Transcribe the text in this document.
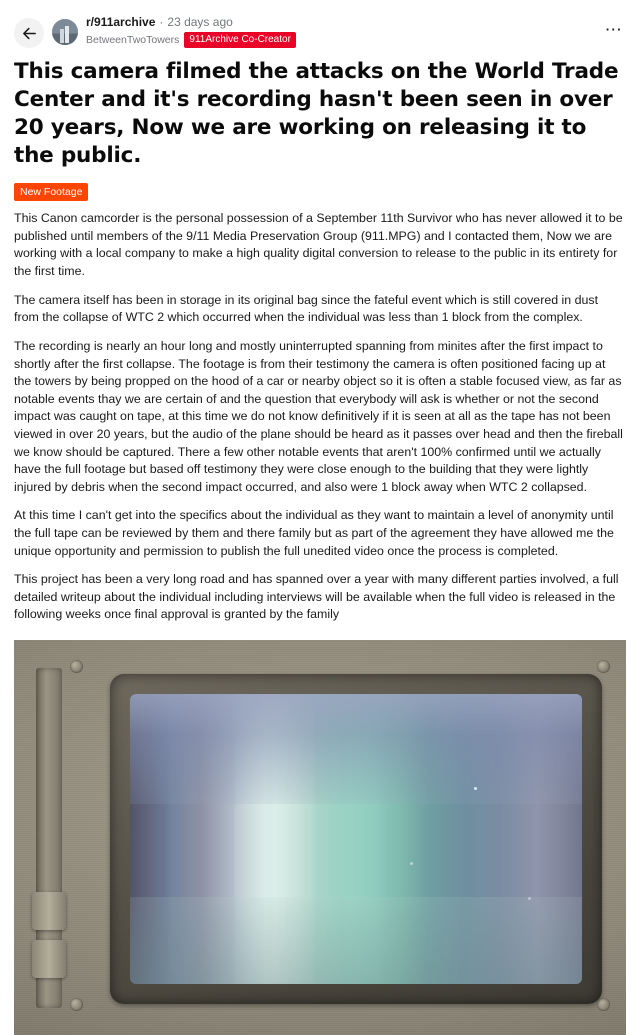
r/911archive · 23 days ago
BetweenTwoTowers	911Archive Co-Creator
⋯
This camera filmed the attacks on the World Trade Center and it's recording hasn't been seen in over 20 years, Now we are working on releasing it to the public.
New Footage

This Canon camcorder is the personal possession of a September 11th Survivor who has never allowed it to be published until members of the 9/11 Media Preservation Group (911.MPG) and I contacted them, Now we are working with a local company to make a high quality digital conversion to release to the public in its entirety for the first time.

The camera itself has been in storage in its original bag since the fateful event which is still covered in dust from the collapse of WTC 2 which occurred when the individual was less than 1 block from the complex.

The recording is nearly an hour long and mostly uninterrupted spanning from minites after the first impact to shortly after the first collapse. The footage is from their testimony the camera is often positioned facing up at the towers by being propped on the hood of a car or nearby object so it is often a stable focused view, as far as notable events thay we are certain of and the question that everybody will ask is whether or not the second impact was caught on tape, at this time we do not know definitively if it is seen at all as the tape has not been viewed in over 20 years, but the audio of the plane should be heard as it passes over head and then the fireball we know should be captured. There a few other notable events that aren't 100% confirmed until we actually have the full footage but based off testimony they were close enough to the building that they were lightly injured by debris when the second impact occurred, and also were 1 block away when WTC 2 collapsed.

At this time I can't get into the specifics about the individual as they want to maintain a level of anonymity until the full tape can be reviewed by them and there family but as part of the agreement they have allowed me the unique opportunity and permission to publish the full unedited video once the process is completed.

This project has been a very long road and has spanned over a year with many different parties involved, a full detailed writeup about the individual including interviews will be available when the full video is released in the following weeks once final approval is granted by the family
